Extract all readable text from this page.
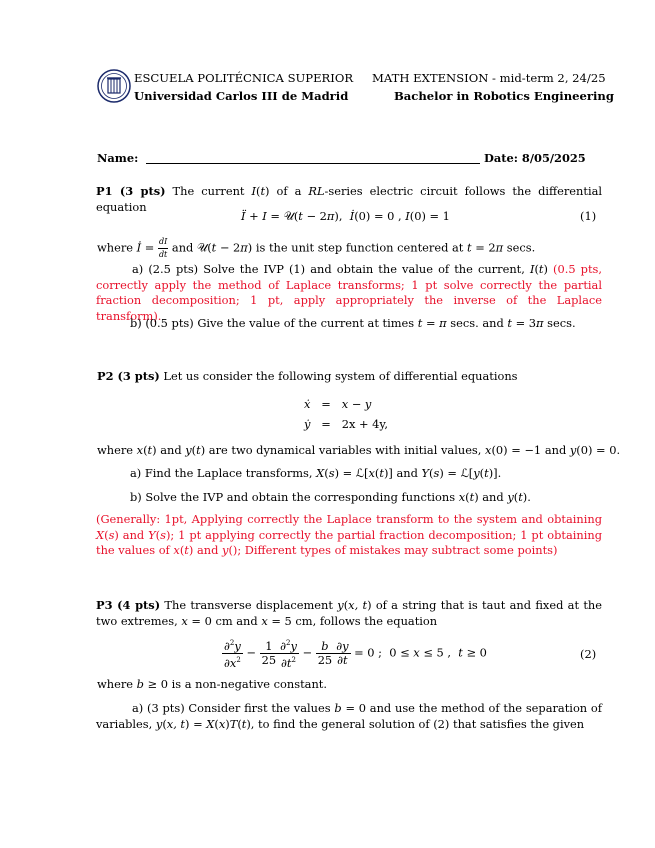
ESCUELA POLITÉCNICA SUPERIOR
Universidad Carlos III de Madrid
MATH EXTENSION - mid-term 2, 24/25
Bachelor in Robotics Engineering
Name:	Date: 8/05/2025
P1 (3 pts) The current I(t) of a RL-series electric circuit follows the differential equation
Ï + I = 𝒰(t − 2π),  İ(0) = 0 , I(0) = 1	(1)
where İ = $\frac{dI}{dt}$ and 𝒰(t − 2π) is the unit step function centered at t = 2π secs.
a) (2.5 pts) Solve the IVP (1) and obtain the value of the current, I(t) (0.5 pts, correctly apply the method of Laplace transforms; 1 pt solve correctly the partial fraction decomposition; 1 pt, apply appropriately the inverse of the Laplace transform).
b) (0.5 pts) Give the value of the current at times t = π secs. and t = 3π secs.
P2 (3 pts) Let us consider the following system of differential equations
ẋ   =   x − y
ẏ   =   2x + 4y,
where x(t) and y(t) are two dynamical variables with initial values, x(0) = −1 and y(0) = 0.
a) Find the Laplace transforms, X(s) = ℒ[x(t)] and Y(s) = ℒ[y(t)].
b) Solve the IVP and obtain the corresponding functions x(t) and y(t).
(Generally: 1pt, Applying correctly the Laplace transform to the system and obtaining X(s) and Y(s); 1 pt applying correctly the partial fraction decomposition; 1 pt obtaining the values of x(t) and y(); Different types of mistakes may subtract some points)
P3 (4 pts) The transverse displacement y(x, t) of a string that is taut and fixed at the two extremes, x = 0 cm and x = 5 cm, follows the equation
$\frac{\partial^2y}{\partial x^2} - \frac{1}{25} \frac{\partial^2y}{\partial t^2} - \frac{b}{25} \frac{\partial y}{\partial t} = 0$ ;  0 ≤ x ≤ 5 ,  t ≥ 0	(2)
where b ≥ 0 is a non-negative constant.
a) (3 pts) Consider first the values b = 0 and use the method of the separation of variables, y(x, t) = X(x)T(t), to find the general solution of (2) that satisfies the given
